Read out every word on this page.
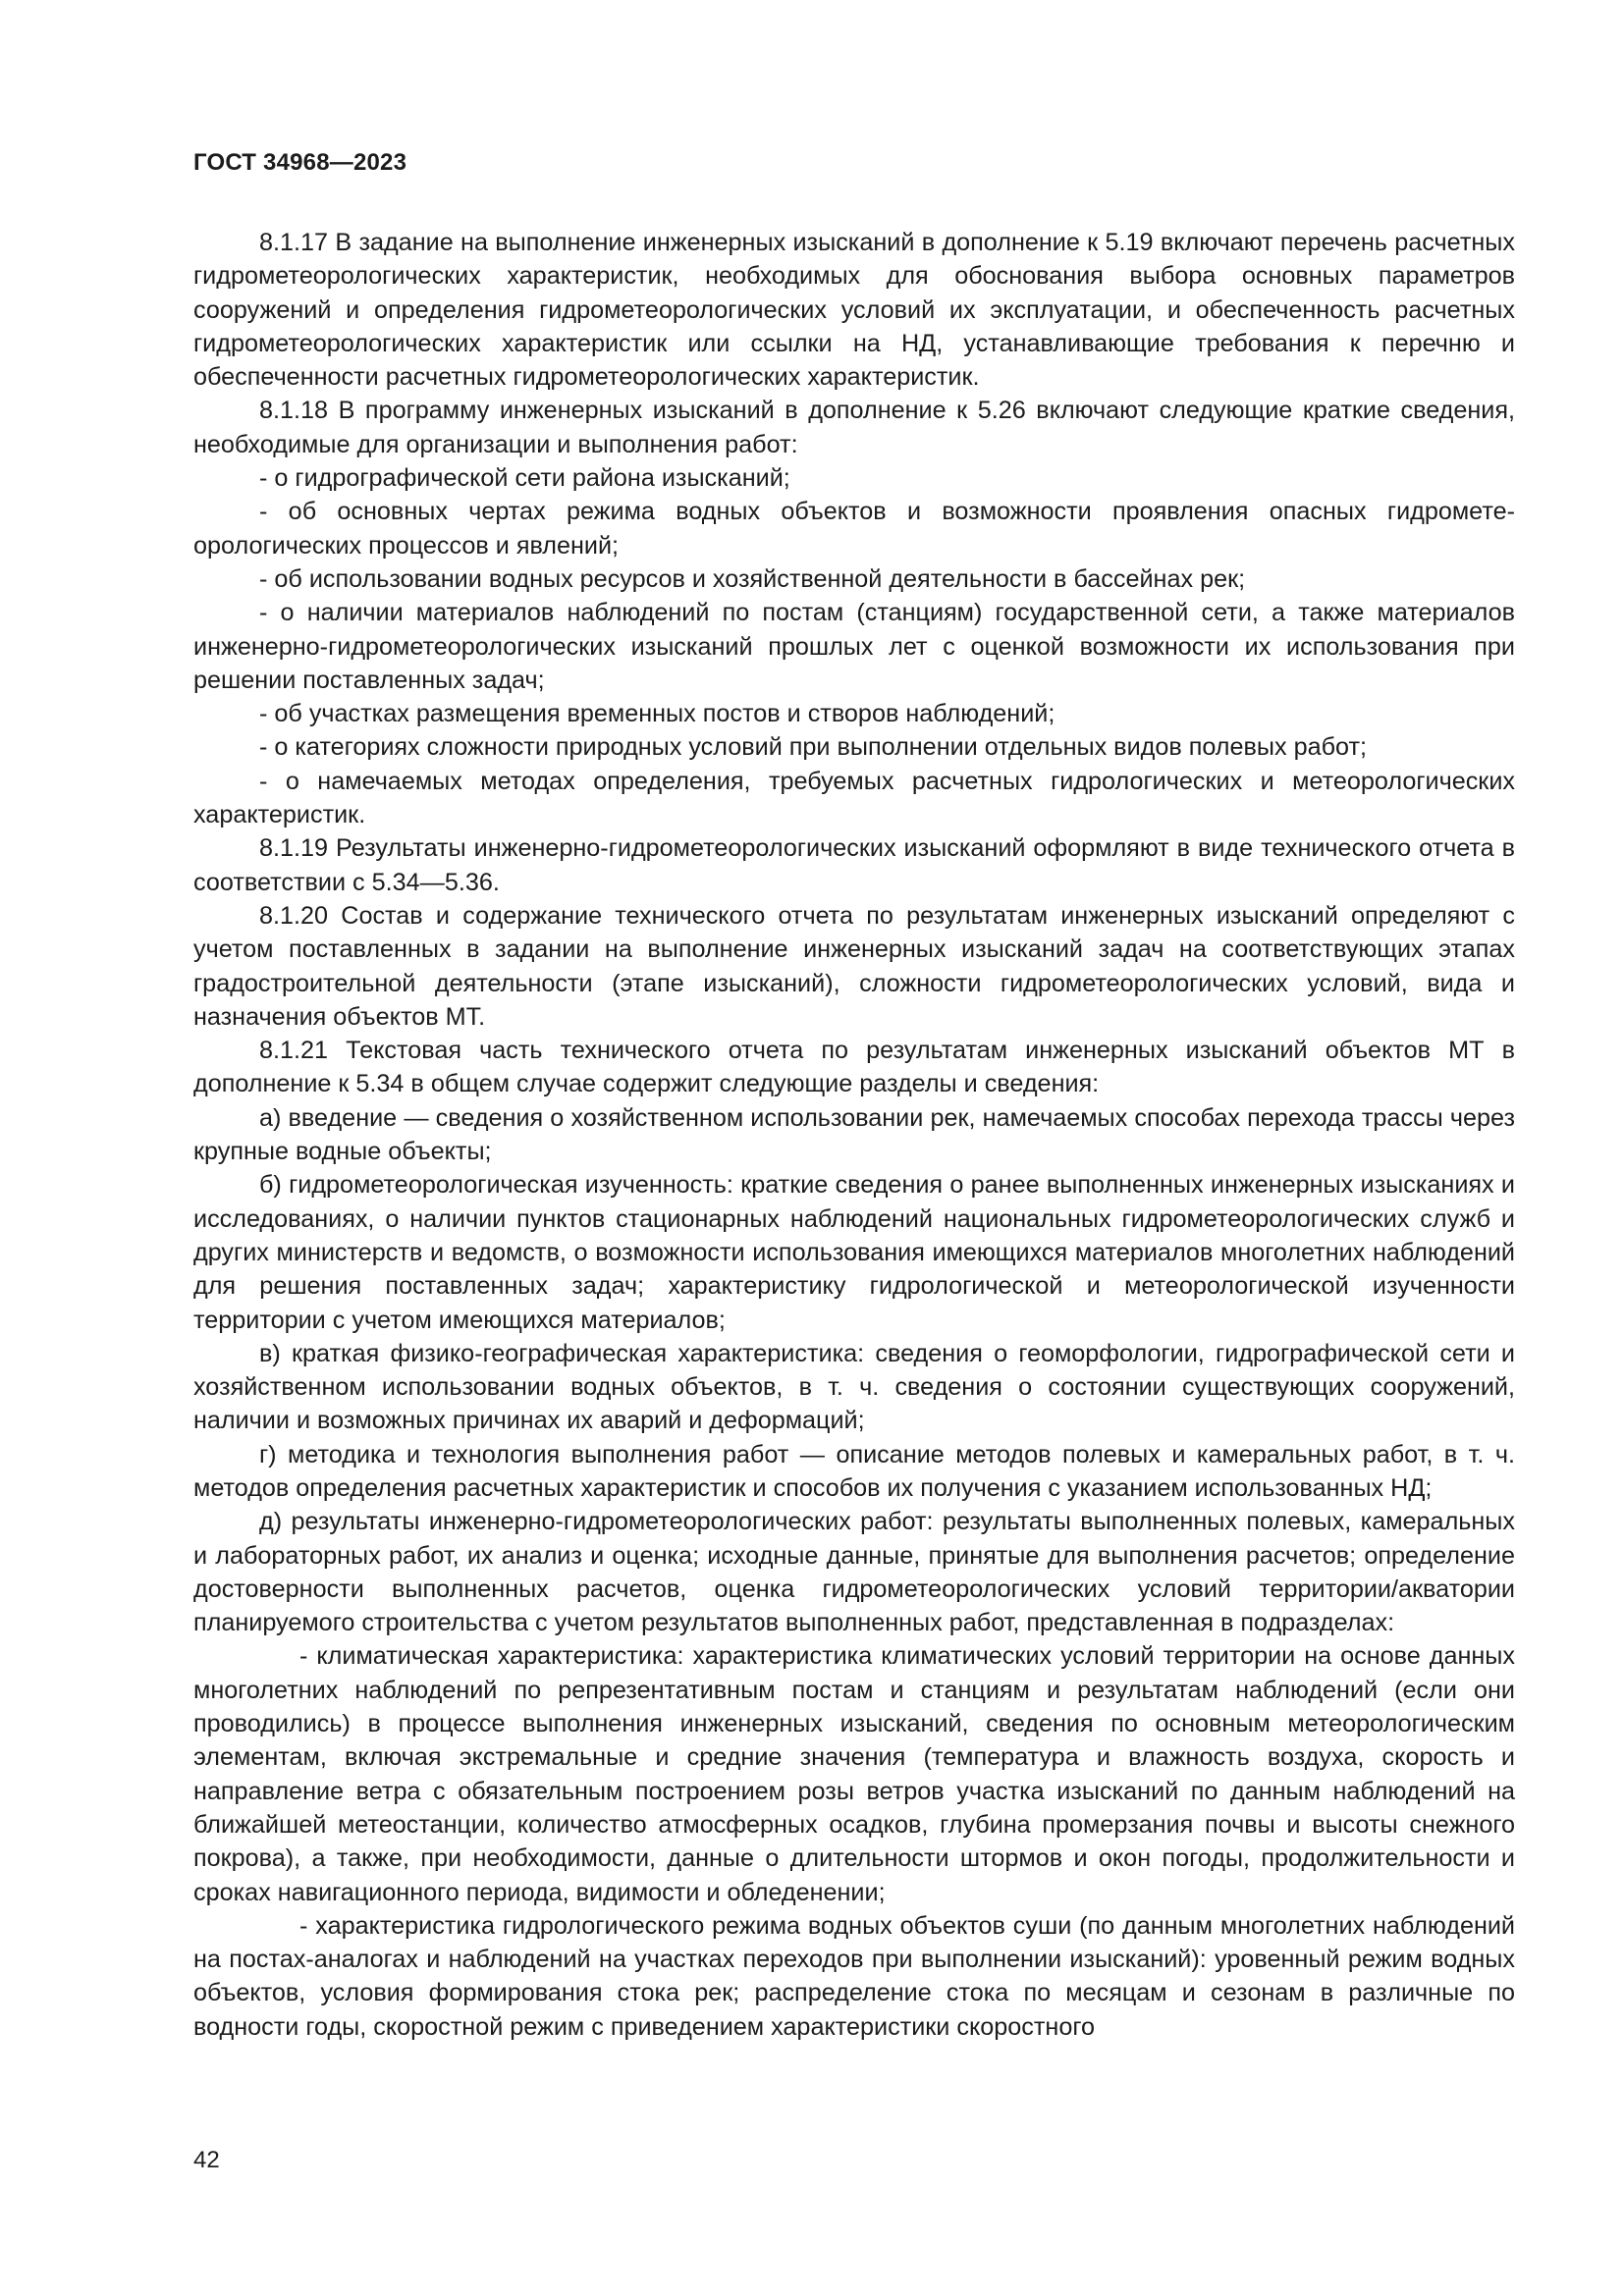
ГОСТ 34968—2023

8.1.17 В задание на выполнение инженерных изысканий в дополнение к 5.19 включают перечень расчетных гидрометеорологических характеристик, необходимых для обоснования выбора основных параметров сооружений и определения гидрометеорологических условий их эксплуатации, и обеспеченность расчетных гидрометеорологических характеристик или ссылки на НД, устанавливающие требования к перечню и обеспеченности расчетных гидрометеорологических характеристик.

8.1.18 В программу инженерных изысканий в дополнение к 5.26 включают следующие краткие сведения, необходимые для организации и выполнения работ:

- о гидрографической сети района изысканий;

- об основных чертах режима водных объектов и возможности проявления опасных гидрометеорологических процессов и явлений;

- об использовании водных ресурсов и хозяйственной деятельности в бассейнах рек;

- о наличии материалов наблюдений по постам (станциям) государственной сети, а также материалов инженерно-гидрометеорологических изысканий прошлых лет с оценкой возможности их использования при решении поставленных задач;

- об участках размещения временных постов и створов наблюдений;

- о категориях сложности природных условий при выполнении отдельных видов полевых работ;

- о намечаемых методах определения, требуемых расчетных гидрологических и метеорологических характеристик.

8.1.19 Результаты инженерно-гидрометеорологических изысканий оформляют в виде технического отчета в соответствии с 5.34—5.36.

8.1.20 Состав и содержание технического отчета по результатам инженерных изысканий определяют с учетом поставленных в задании на выполнение инженерных изысканий задач на соответствующих этапах градостроительной деятельности (этапе изысканий), сложности гидрометеорологических условий, вида и назначения объектов МТ.

8.1.21 Текстовая часть технического отчета по результатам инженерных изысканий объектов МТ в дополнение к 5.34 в общем случае содержит следующие разделы и сведения:

а) введение — сведения о хозяйственном использовании рек, намечаемых способах перехода трассы через крупные водные объекты;

б) гидрометеорологическая изученность: краткие сведения о ранее выполненных инженерных изысканиях и исследованиях, о наличии пунктов стационарных наблюдений национальных гидрометеорологических служб и других министерств и ведомств, о возможности использования имеющихся материалов многолетних наблюдений для решения поставленных задач; характеристику гидрологической и метеорологической изученности территории с учетом имеющихся материалов;

в) краткая физико-географическая характеристика: сведения о геоморфологии, гидрографической сети и хозяйственном использовании водных объектов, в т. ч. сведения о состоянии существующих сооружений, наличии и возможных причинах их аварий и деформаций;

г) методика и технология выполнения работ — описание методов полевых и камеральных работ, в т. ч. методов определения расчетных характеристик и способов их получения с указанием использованных НД;

д) результаты инженерно-гидрометеорологических работ: результаты выполненных полевых, камеральных и лабораторных работ, их анализ и оценка; исходные данные, принятые для выполнения расчетов; определение достоверности выполненных расчетов, оценка гидрометеорологических условий территории/акватории планируемого строительства с учетом результатов выполненных работ, представленная в подразделах:

- климатическая характеристика: характеристика климатических условий территории на основе данных многолетних наблюдений по репрезентативным постам и станциям и результатам наблюдений (если они проводились) в процессе выполнения инженерных изысканий, сведения по основным метеорологическим элементам, включая экстремальные и средние значения (температура и влажность воздуха, скорость и направление ветра с обязательным построением розы ветров участка изысканий по данным наблюдений на ближайшей метеостанции, количество атмосферных осадков, глубина промерзания почвы и высоты снежного покрова), а также, при необходимости, данные о длительности штормов и окон погоды, продолжительности и сроках навигационного периода, видимости и обледенении;

- характеристика гидрологического режима водных объектов суши (по данным многолетних наблюдений на постах-аналогах и наблюдений на участках переходов при выполнении изысканий): уровенный режим водных объектов, условия формирования стока рек; распределение стока по месяцам и сезонам в различные по водности годы, скоростной режим с приведением характеристики скоростного

42
